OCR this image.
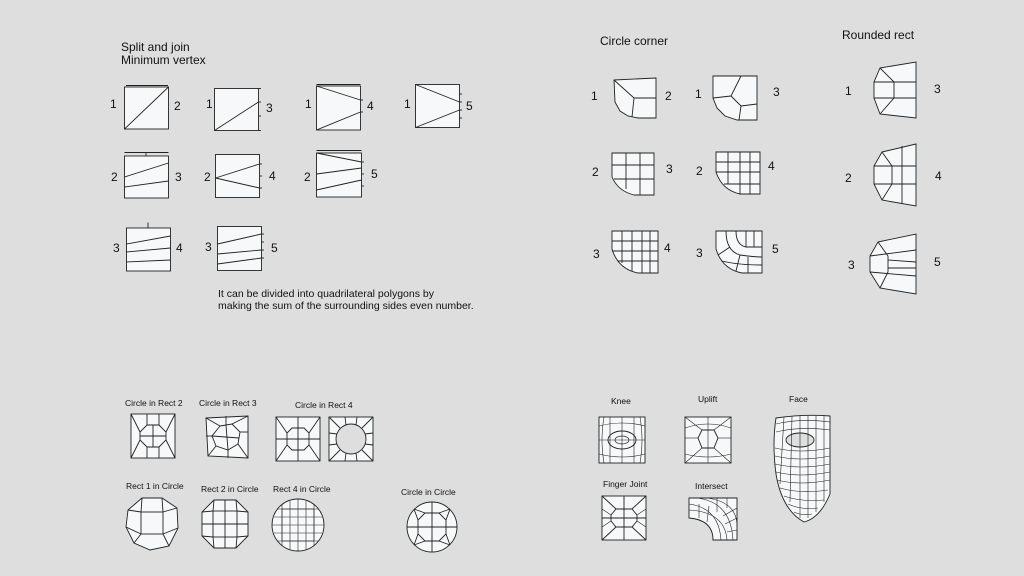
Split and join
Minimum vertex
Circle corner	Rounded rect
1	2 1	3	1	4	1	5
2	3 2	4 2	5
3	4 3	5
It can be divided into quadrilateral polygons by
making the sum of the surrounding sides even number.
1	2 1	3
2	3 2	4
3	4 3	5
1	3
2	4
3	5
Circle in Rect 2 Circle in Rect 3	Circle in Rect 4
Rect 1 in Circle Rect 2 in Circle Rect 4 in Circle	Circle in Circle
Knee	Uplift	Face
Finger Joint	Intersect
